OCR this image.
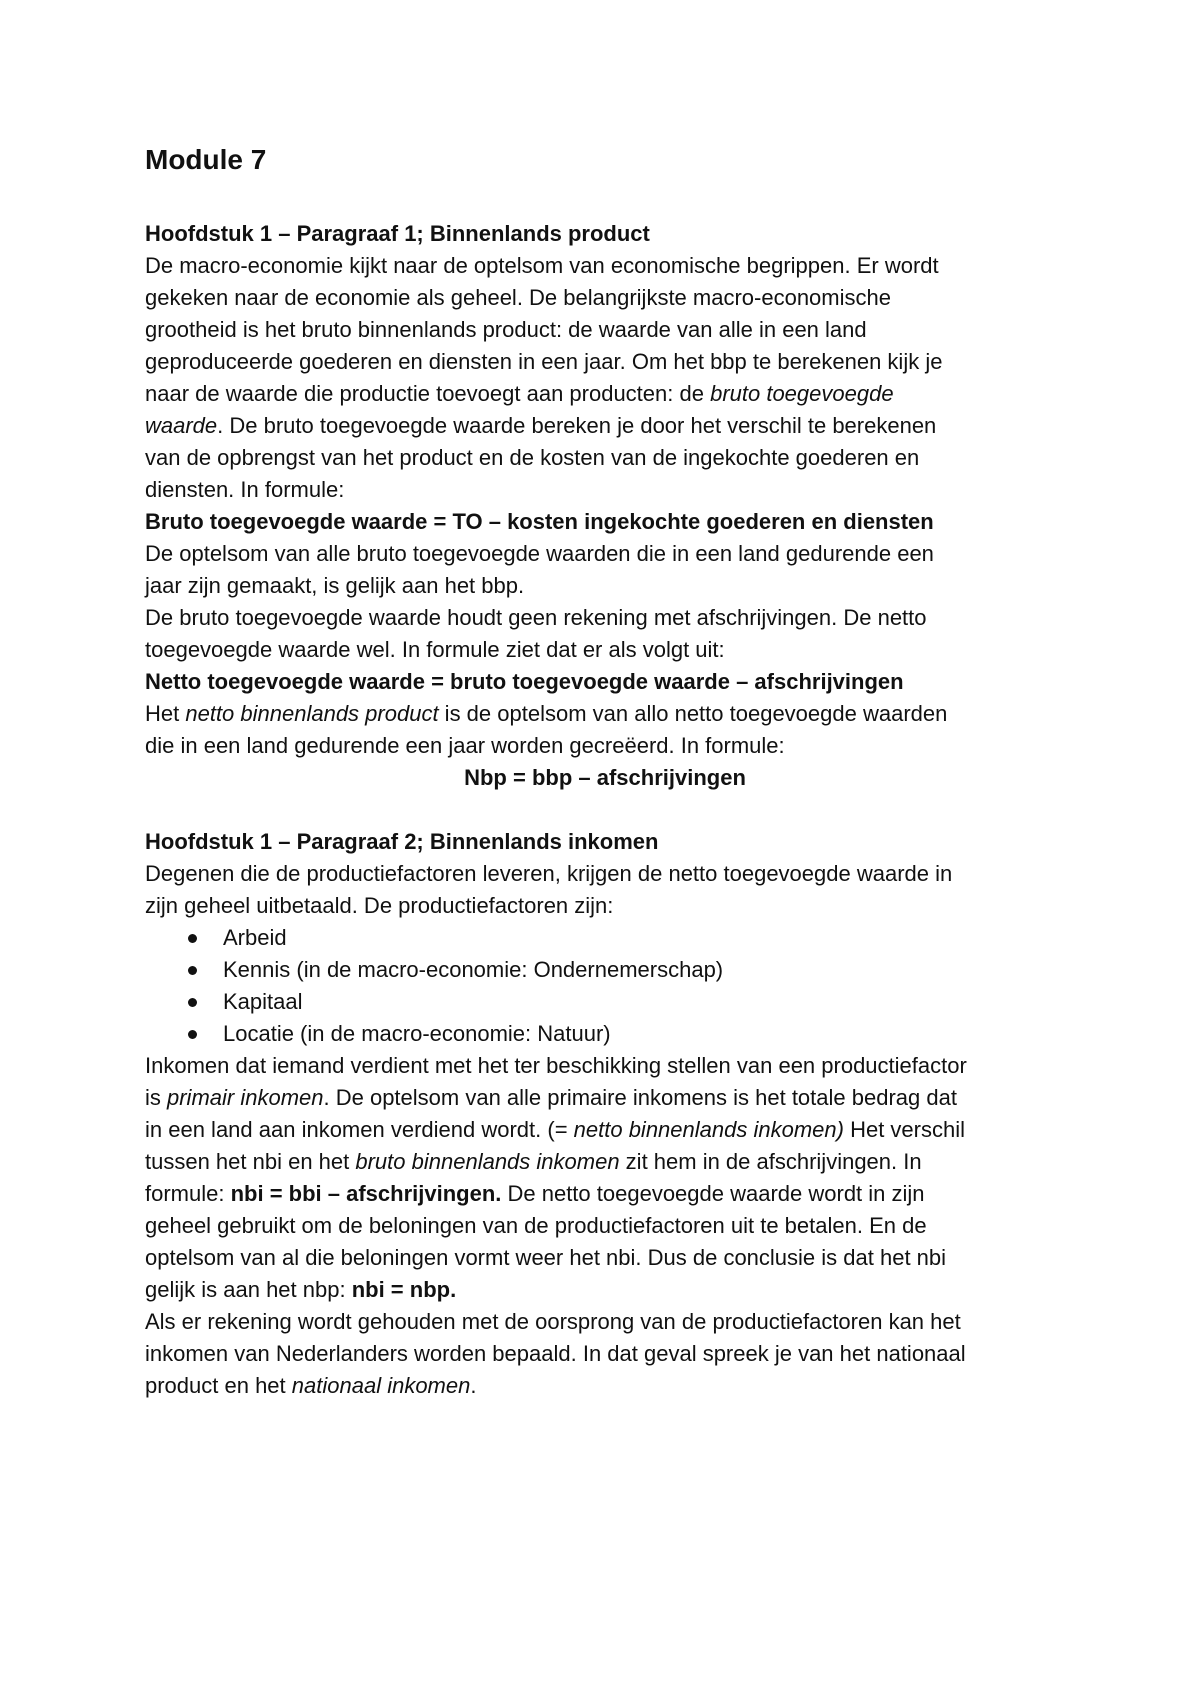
Module 7

Hoofdstuk 1 – Paragraaf 1; Binnenlands product

De macro-economie kijkt naar de optelsom van economische begrippen. Er wordt

gekeken naar de economie als geheel. De belangrijkste macro-economische

grootheid is het bruto binnenlands product: de waarde van alle in een land

geproduceerde goederen en diensten in een jaar. Om het bbp te berekenen kijk je

naar de waarde die productie toevoegt aan producten: de bruto toegevoegde

waarde. De bruto toegevoegde waarde bereken je door het verschil te berekenen

van de opbrengst van het product en de kosten van de ingekochte goederen en

diensten. In formule:

Bruto toegevoegde waarde = TO – kosten ingekochte goederen en diensten

De optelsom van alle bruto toegevoegde waarden die in een land gedurende een

jaar zijn gemaakt, is gelijk aan het bbp.

De bruto toegevoegde waarde houdt geen rekening met afschrijvingen. De netto

toegevoegde waarde wel. In formule ziet dat er als volgt uit:

Netto toegevoegde waarde = bruto toegevoegde waarde – afschrijvingen

Het netto binnenlands product is de optelsom van allo netto toegevoegde waarden

die in een land gedurende een jaar worden gecreëerd. In formule:

Nbp = bbp – afschrijvingen

Hoofdstuk 1 – Paragraaf 2; Binnenlands inkomen

Degenen die de productiefactoren leveren, krijgen de netto toegevoegde waarde in

zijn geheel uitbetaald. De productiefactoren zijn:

Arbeid
Kennis (in de macro-economie: Ondernemerschap)
Kapitaal
Locatie (in de macro-economie: Natuur)

Inkomen dat iemand verdient met het ter beschikking stellen van een productiefactor

is primair inkomen. De optelsom van alle primaire inkomens is het totale bedrag dat

in een land aan inkomen verdiend wordt. (= netto binnenlands inkomen) Het verschil

tussen het nbi en het bruto binnenlands inkomen zit hem in de afschrijvingen. In

formule: nbi = bbi – afschrijvingen. De netto toegevoegde waarde wordt in zijn

geheel gebruikt om de beloningen van de productiefactoren uit te betalen. En de

optelsom van al die beloningen vormt weer het nbi. Dus de conclusie is dat het nbi

gelijk is aan het nbp: nbi = nbp.

Als er rekening wordt gehouden met de oorsprong van de productiefactoren kan het

inkomen van Nederlanders worden bepaald. In dat geval spreek je van het nationaal

product en het nationaal inkomen.
